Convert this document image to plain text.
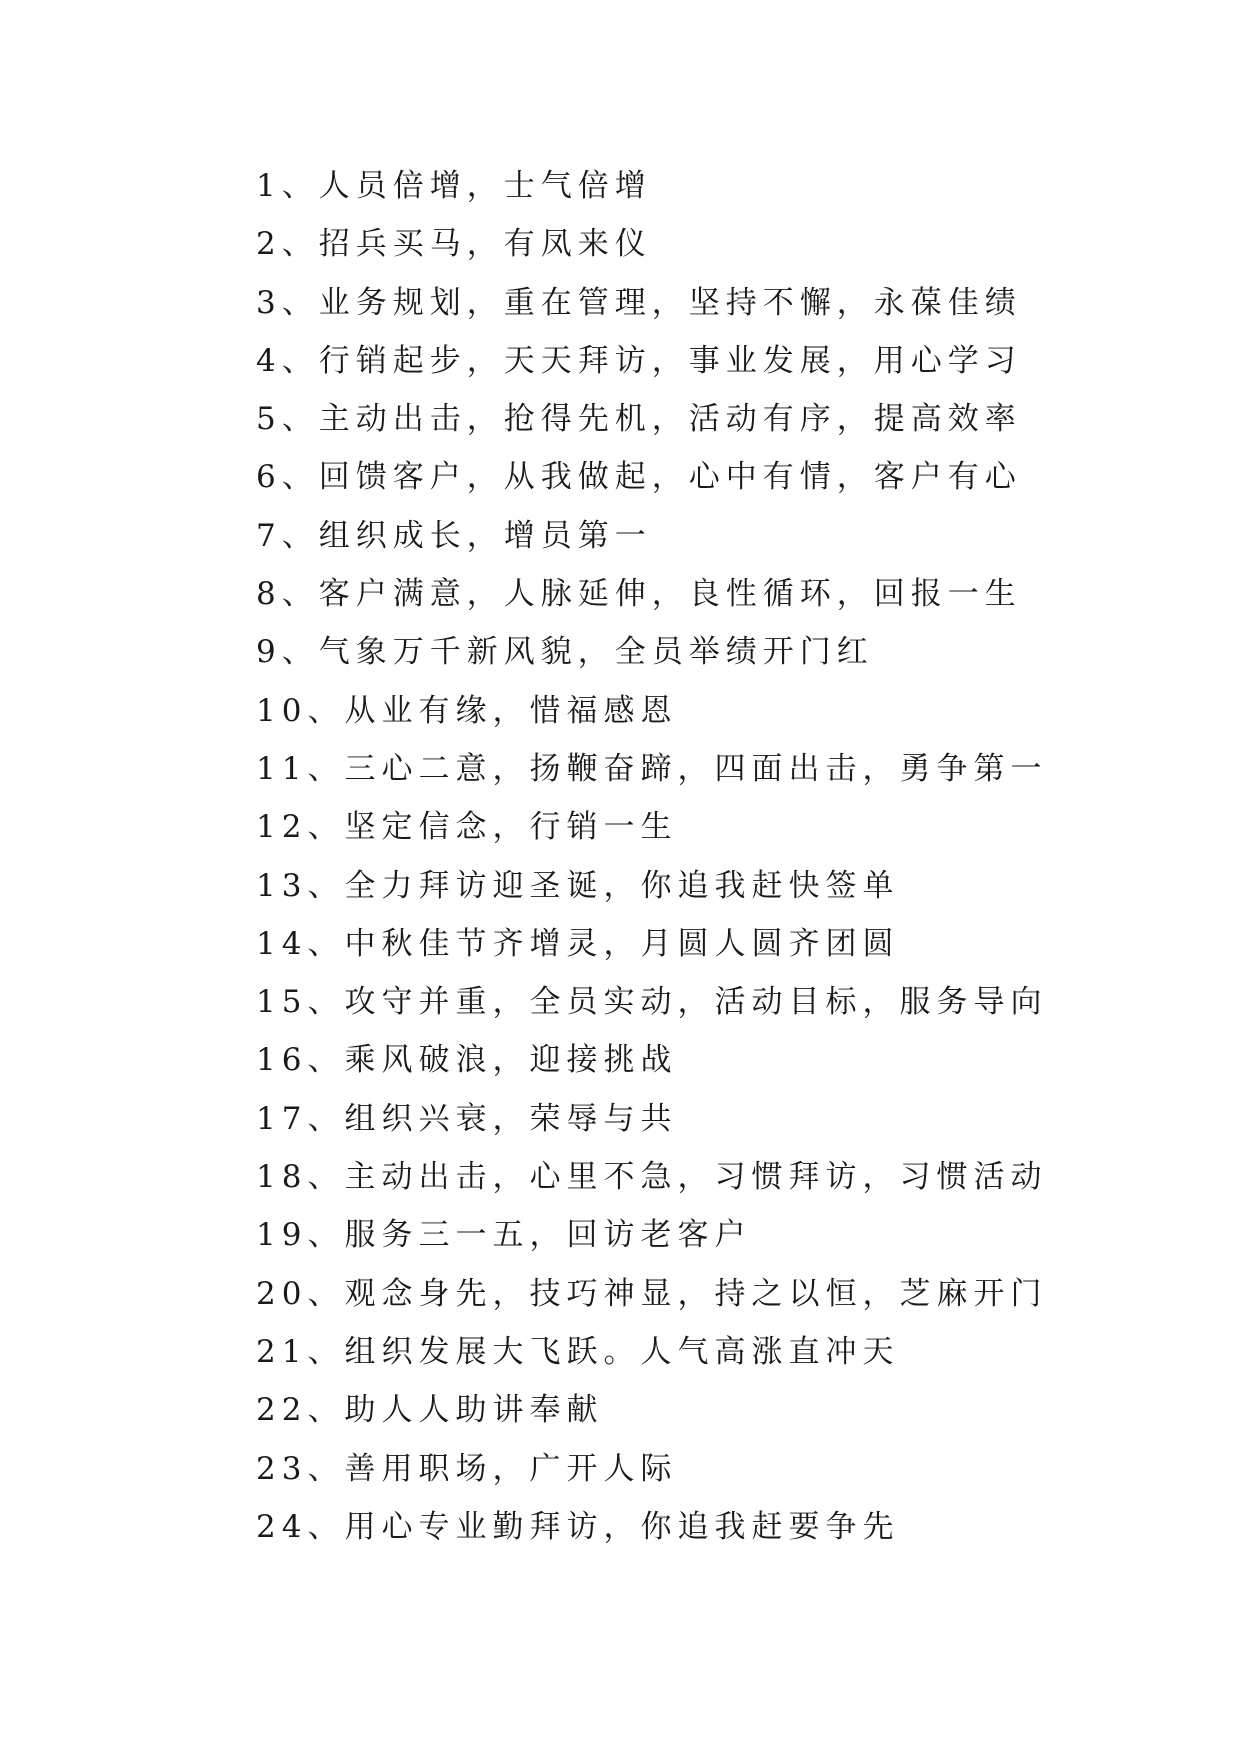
1、人员倍增，士气倍增
2、招兵买马，有凤来仪
3、业务规划，重在管理，坚持不懈，永葆佳绩
4、行销起步，天天拜访，事业发展，用心学习
5、主动出击，抢得先机，活动有序，提高效率
6、回馈客户，从我做起，心中有情，客户有心
7、组织成长，增员第一
8、客户满意，人脉延伸，良性循环，回报一生
9、气象万千新风貌，全员举绩开门红
10、从业有缘，惜福感恩
11、三心二意，扬鞭奋蹄，四面出击，勇争第一
12、坚定信念，行销一生
13、全力拜访迎圣诞，你追我赶快签单
14、中秋佳节齐增灵，月圆人圆齐团圆
15、攻守并重，全员实动，活动目标，服务导向
16、乘风破浪，迎接挑战
17、组织兴衰，荣辱与共
18、主动出击，心里不急，习惯拜访，习惯活动
19、服务三一五，回访老客户
20、观念身先，技巧神显，持之以恒，芝麻开门
21、组织发展大飞跃。人气高涨直冲天
22、助人人助讲奉献
23、善用职场，广开人际
24、用心专业勤拜访，你追我赶要争先
